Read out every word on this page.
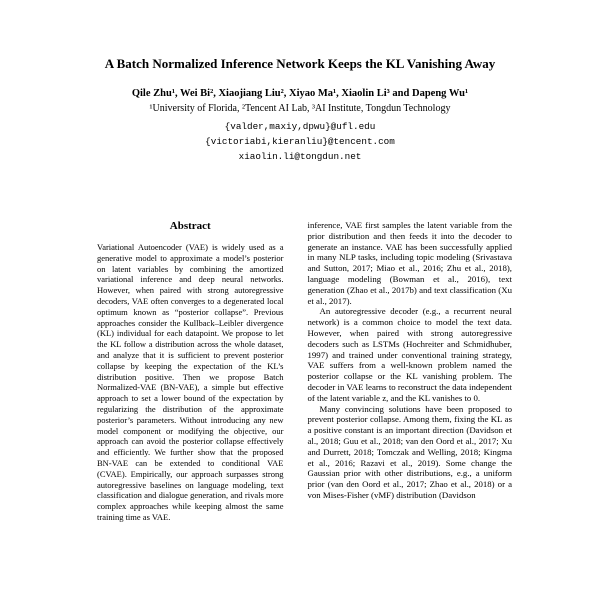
A Batch Normalized Inference Network Keeps the KL Vanishing Away
Qile Zhu¹, Wei Bi², Xiaojiang Liu², Xiyao Ma¹, Xiaolin Li³ and Dapeng Wu¹
¹University of Florida, ²Tencent AI Lab, ³AI Institute, Tongdun Technology
{valder,maxiy,dpwu}@ufl.edu
{victoriabi,kieranliu}@tencent.com
xiaolin.li@tongdun.net
Abstract
Variational Autoencoder (VAE) is widely used as a generative model to approximate a model’s posterior on latent variables by combining the amortized variational inference and deep neural networks. However, when paired with strong autoregressive decoders, VAE often converges to a degenerated local optimum known as “posterior collapse”. Previous approaches consider the Kullback–Leibler divergence (KL) individual for each datapoint. We propose to let the KL follow a distribution across the whole dataset, and analyze that it is sufficient to prevent posterior collapse by keeping the expectation of the KL’s distribution positive. Then we propose Batch Normalized-VAE (BN-VAE), a simple but effective approach to set a lower bound of the expectation by regularizing the distribution of the approximate posterior’s parameters. Without introducing any new model component or modifying the objective, our approach can avoid the posterior collapse effectively and efficiently. We further show that the proposed BN-VAE can be extended to conditional VAE (CVAE). Empirically, our approach surpasses strong autoregressive baselines on language modeling, text classification and dialogue generation, and rivals more complex approaches while keeping almost the same training time as VAE.

inference, VAE first samples the latent variable from the prior distribution and then feeds it into the decoder to generate an instance. VAE has been successfully applied in many NLP tasks, including topic modeling (Srivastava and Sutton, 2017; Miao et al., 2016; Zhu et al., 2018), language modeling (Bowman et al., 2016), text generation (Zhao et al., 2017b) and text classification (Xu et al., 2017).

An autoregressive decoder (e.g., a recurrent neural network) is a common choice to model the text data. However, when paired with strong autoregressive decoders such as LSTMs (Hochreiter and Schmidhuber, 1997) and trained under conventional training strategy, VAE suffers from a well-known problem named the posterior collapse or the KL vanishing problem. The decoder in VAE learns to reconstruct the data independent of the latent variable z, and the KL vanishes to 0.

Many convincing solutions have been proposed to prevent posterior collapse. Among them, fixing the KL as a positive constant is an important direction (Davidson et al., 2018; Guu et al., 2018; van den Oord et al., 2017; Xu and Durrett, 2018; Tomczak and Welling, 2018; Kingma et al., 2016; Razavi et al., 2019). Some change the Gaussian prior with other distributions, e.g., a uniform prior (van den Oord et al., 2017; Zhao et al., 2018) or a von Mises-Fisher (vMF) distribution (Davidson
